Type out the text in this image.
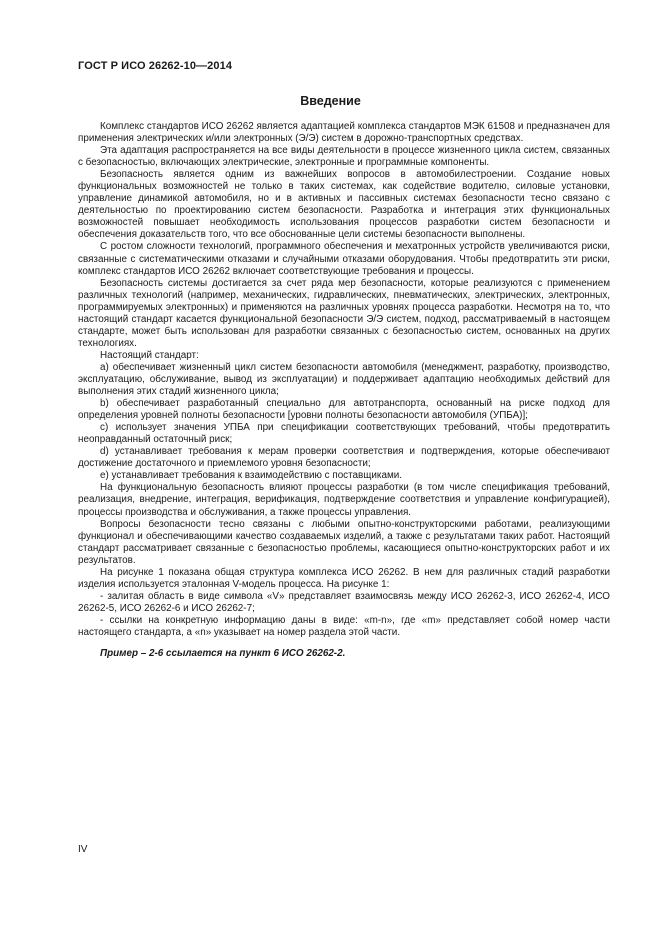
ГОСТ Р ИСО 26262-10—2014
Введение

Комплекс стандартов ИСО 26262 является адаптацией комплекса стандартов МЭК 61508 и предназначен для применения электрических и/или электронных (Э/Э) систем в дорожно-транспортных средствах.

Эта адаптация распространяется на все виды деятельности в процессе жизненного цикла систем, связанных с безопасностью, включающих электрические, электронные и программные компоненты.

Безопасность является одним из важнейших вопросов в автомобилестроении. Создание новых функциональных возможностей не только в таких системах, как содействие водителю, силовые установки, управление динамикой автомобиля, но и в активных и пассивных системах безопасности тесно связано с деятельностью по проектированию систем безопасности. Разработка и интеграция этих функциональных возможностей повышает необходимость использования процессов разработки систем безопасности и обеспечения доказательств того, что все обоснованные цели системы безопасности выполнены.

С ростом сложности технологий, программного обеспечения и мехатронных устройств увеличиваются риски, связанные с систематическими отказами и случайными отказами оборудования. Чтобы предотвратить эти риски, комплекс стандартов ИСО 26262 включает соответствующие требования и процессы.

Безопасность системы достигается за счет ряда мер безопасности, которые реализуются с применением различных технологий (например, механических, гидравлических, пневматических, электрических, электронных, программируемых электронных) и применяются на различных уровнях процесса разработки. Несмотря на то, что настоящий стандарт касается функциональной безопасности Э/Э систем, подход, рассматриваемый в настоящем стандарте, может быть использован для разработки связанных с безопасностью систем, основанных на других технологиях.

Настоящий стандарт:

а) обеспечивает жизненный цикл систем безопасности автомобиля (менеджмент, разработку, производство, эксплуатацию, обслуживание, вывод из эксплуатации) и поддерживает адаптацию необходимых действий для выполнения этих стадий жизненного цикла;

b) обеспечивает разработанный специально для автотранспорта, основанный на риске подход для определения уровней полноты безопасности [уровни полноты безопасности автомобиля (УПБА)];

с) использует значения УПБА при спецификации соответствующих требований, чтобы предотвратить неоправданный остаточный риск;

d) устанавливает требования к мерам проверки соответствия и подтверждения, которые обеспечивают достижение достаточного и приемлемого уровня безопасности;

е) устанавливает требования к взаимодействию с поставщиками.

На функциональную безопасность влияют процессы разработки (в том числе спецификация требований, реализация, внедрение, интеграция, верификация, подтверждение соответствия и управление конфигурацией), процессы производства и обслуживания, а также процессы управления.

Вопросы безопасности тесно связаны с любыми опытно-конструкторскими работами, реализующими функционал и обеспечивающими качество создаваемых изделий, а также с результатами таких работ. Настоящий стандарт рассматривает связанные с безопасностью проблемы, касающиеся опытно-конструкторских работ и их результатов.

На рисунке 1 показана общая структура комплекса ИСО 26262. В нем для различных стадий разработки изделия используется эталонная V-модель процесса. На рисунке 1:

- залитая область в виде символа «V» представляет взаимосвязь между ИСО 26262-3, ИСО 26262-4, ИСО 26262-5, ИСО 26262-6 и ИСО 26262-7;

- ссылки на конкретную информацию даны в виде: «m-n», где «m» представляет собой номер части настоящего стандарта, а «n» указывает на номер раздела этой части.

Пример – 2-6 ссылается на пункт 6 ИСО 26262-2.

IV
